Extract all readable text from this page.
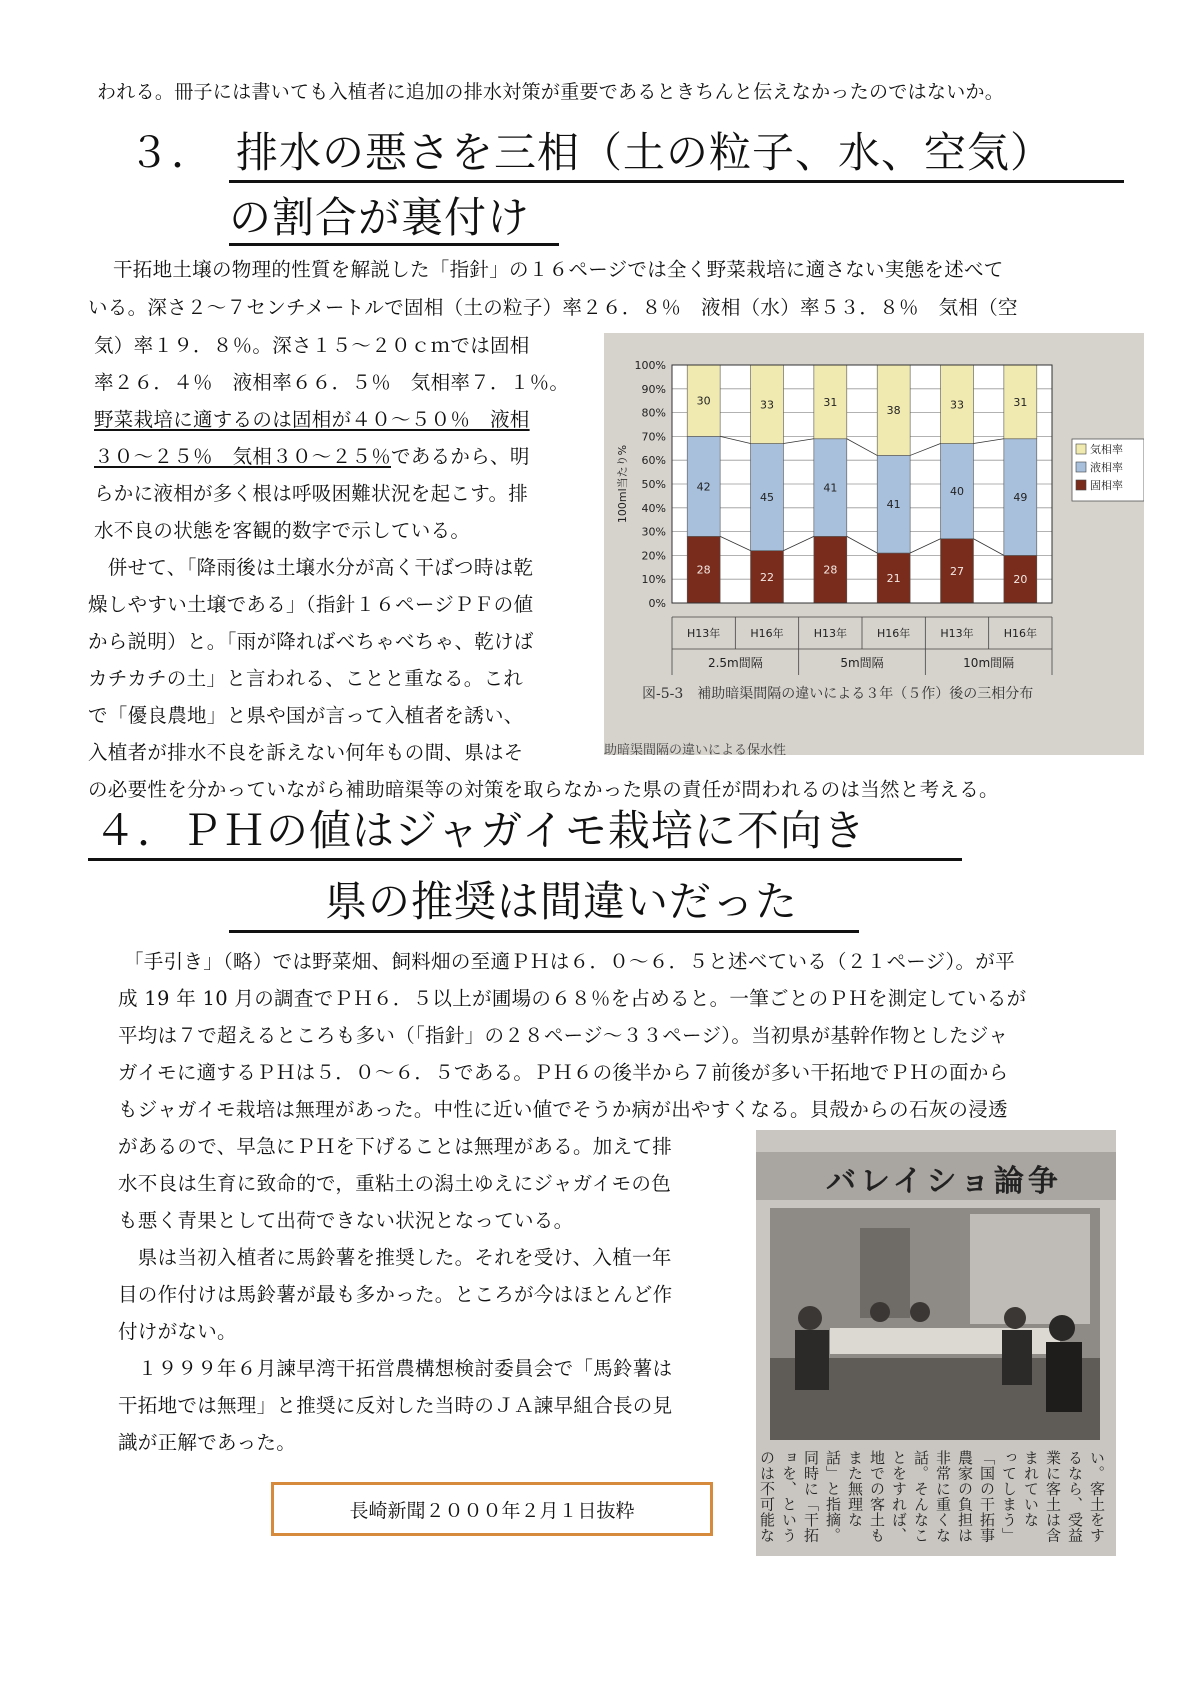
われる。冊子には書いても入植者に追加の排水対策が重要であるときちんと伝えなかったのではないか。
３．　排水の悪さを三相（土の粒子、水、空気）
の割合が裏付け
干拓地土壌の物理的性質を解説した「指針」の１６ページでは全く野菜栽培に適さない実態を述べて
いる。深さ２～７センチメートルで固相（土の粒子）率２６．８％　液相（水）率５３．８％　気相（空
気）率１９．８％。深さ１５～２０ｃｍでは固相
率２６．４％　液相率６６．５％　気相率７．１％。
野菜栽培に適するのは固相が４０～５０％　液相
３０～２５％　気相３０～２５％であるから、明
らかに液相が多く根は呼吸困難状況を起こす。排
水不良の状態を客観的数字で示している。
　併せて、「降雨後は土壌水分が高く干ばつ時は乾
燥しやすい土壌である」（指針１６ページＰＦの値
から説明）と。「雨が降ればべちゃべちゃ、乾けば
カチカチの土」と言われる、ことと重なる。これ
で「優良農地」と県や国が言って入植者を誘い、
入植者が排水不良を訴えない何年もの間、県はそ
の必要性を分かっていながら補助暗渠等の対策を取らなかった県の責任が問われるのは当然と考える。
28
42
30
22
45
33
28
41
31
21
41
38
27
40
33
20
49
31
0%
10%
20%
30%
40%
50%
60%
70%
80%
90%
100%
100ml当たり%
H13年	H16年	H13年	H16年	H13年	H16年
2.5m間隔	5m間隔	10m間隔
気相率
液相率
固相率
図-5-3　補助暗渠間隔の違いによる３年（５作）後の三相分布
助暗渠間隔の違いによる保水性
４．ＰＨの値はジャガイモ栽培に不向き
県の推奨は間違いだった
「手引き」（略）では野菜畑、飼料畑の至適ＰＨは６．０～６．５と述べている（２１ページ）。が平
成 19 年 10 月の調査でＰＨ６．５以上が圃場の６８％を占めると。一筆ごとのＰＨを測定しているが
平均は７で超えるところも多い（「指針」の２８ページ～３３ページ）。当初県が基幹作物としたジャ
ガイモに適するＰＨは５．０～６．５である。ＰＨ６の後半から７前後が多い干拓地でＰＨの面から
もジャガイモ栽培は無理があった。中性に近い値でそうか病が出やすくなる。貝殻からの石灰の浸透
があるので、早急にＰＨを下げることは無理がある。加えて排
水不良は生育に致命的で，重粘土の潟土ゆえにジャガイモの色
も悪く青果として出荷できない状況となっている。
　県は当初入植者に馬鈴薯を推奨した。それを受け、入植一年
目の作付けは馬鈴薯が最も多かった。ところが今はほとんど作
付けがない。
　１９９９年６月諫早湾干拓営農構想検討委員会で「馬鈴薯は
干拓地では無理」と推奨に反対した当時のＪＡ諫早組合長の見
識が正解であった。
長崎新聞２０００年２月１日抜粋
バレイショ論争
い。客土をするなら、受益 業に客土は含まれていな ってしまう」「国の干拓事 農家の負担は非常に重くな 話。そんなことをすれば、 地での客土もまた無理な 話」と指摘。同時に「干拓 ョを、というのは不可能な
